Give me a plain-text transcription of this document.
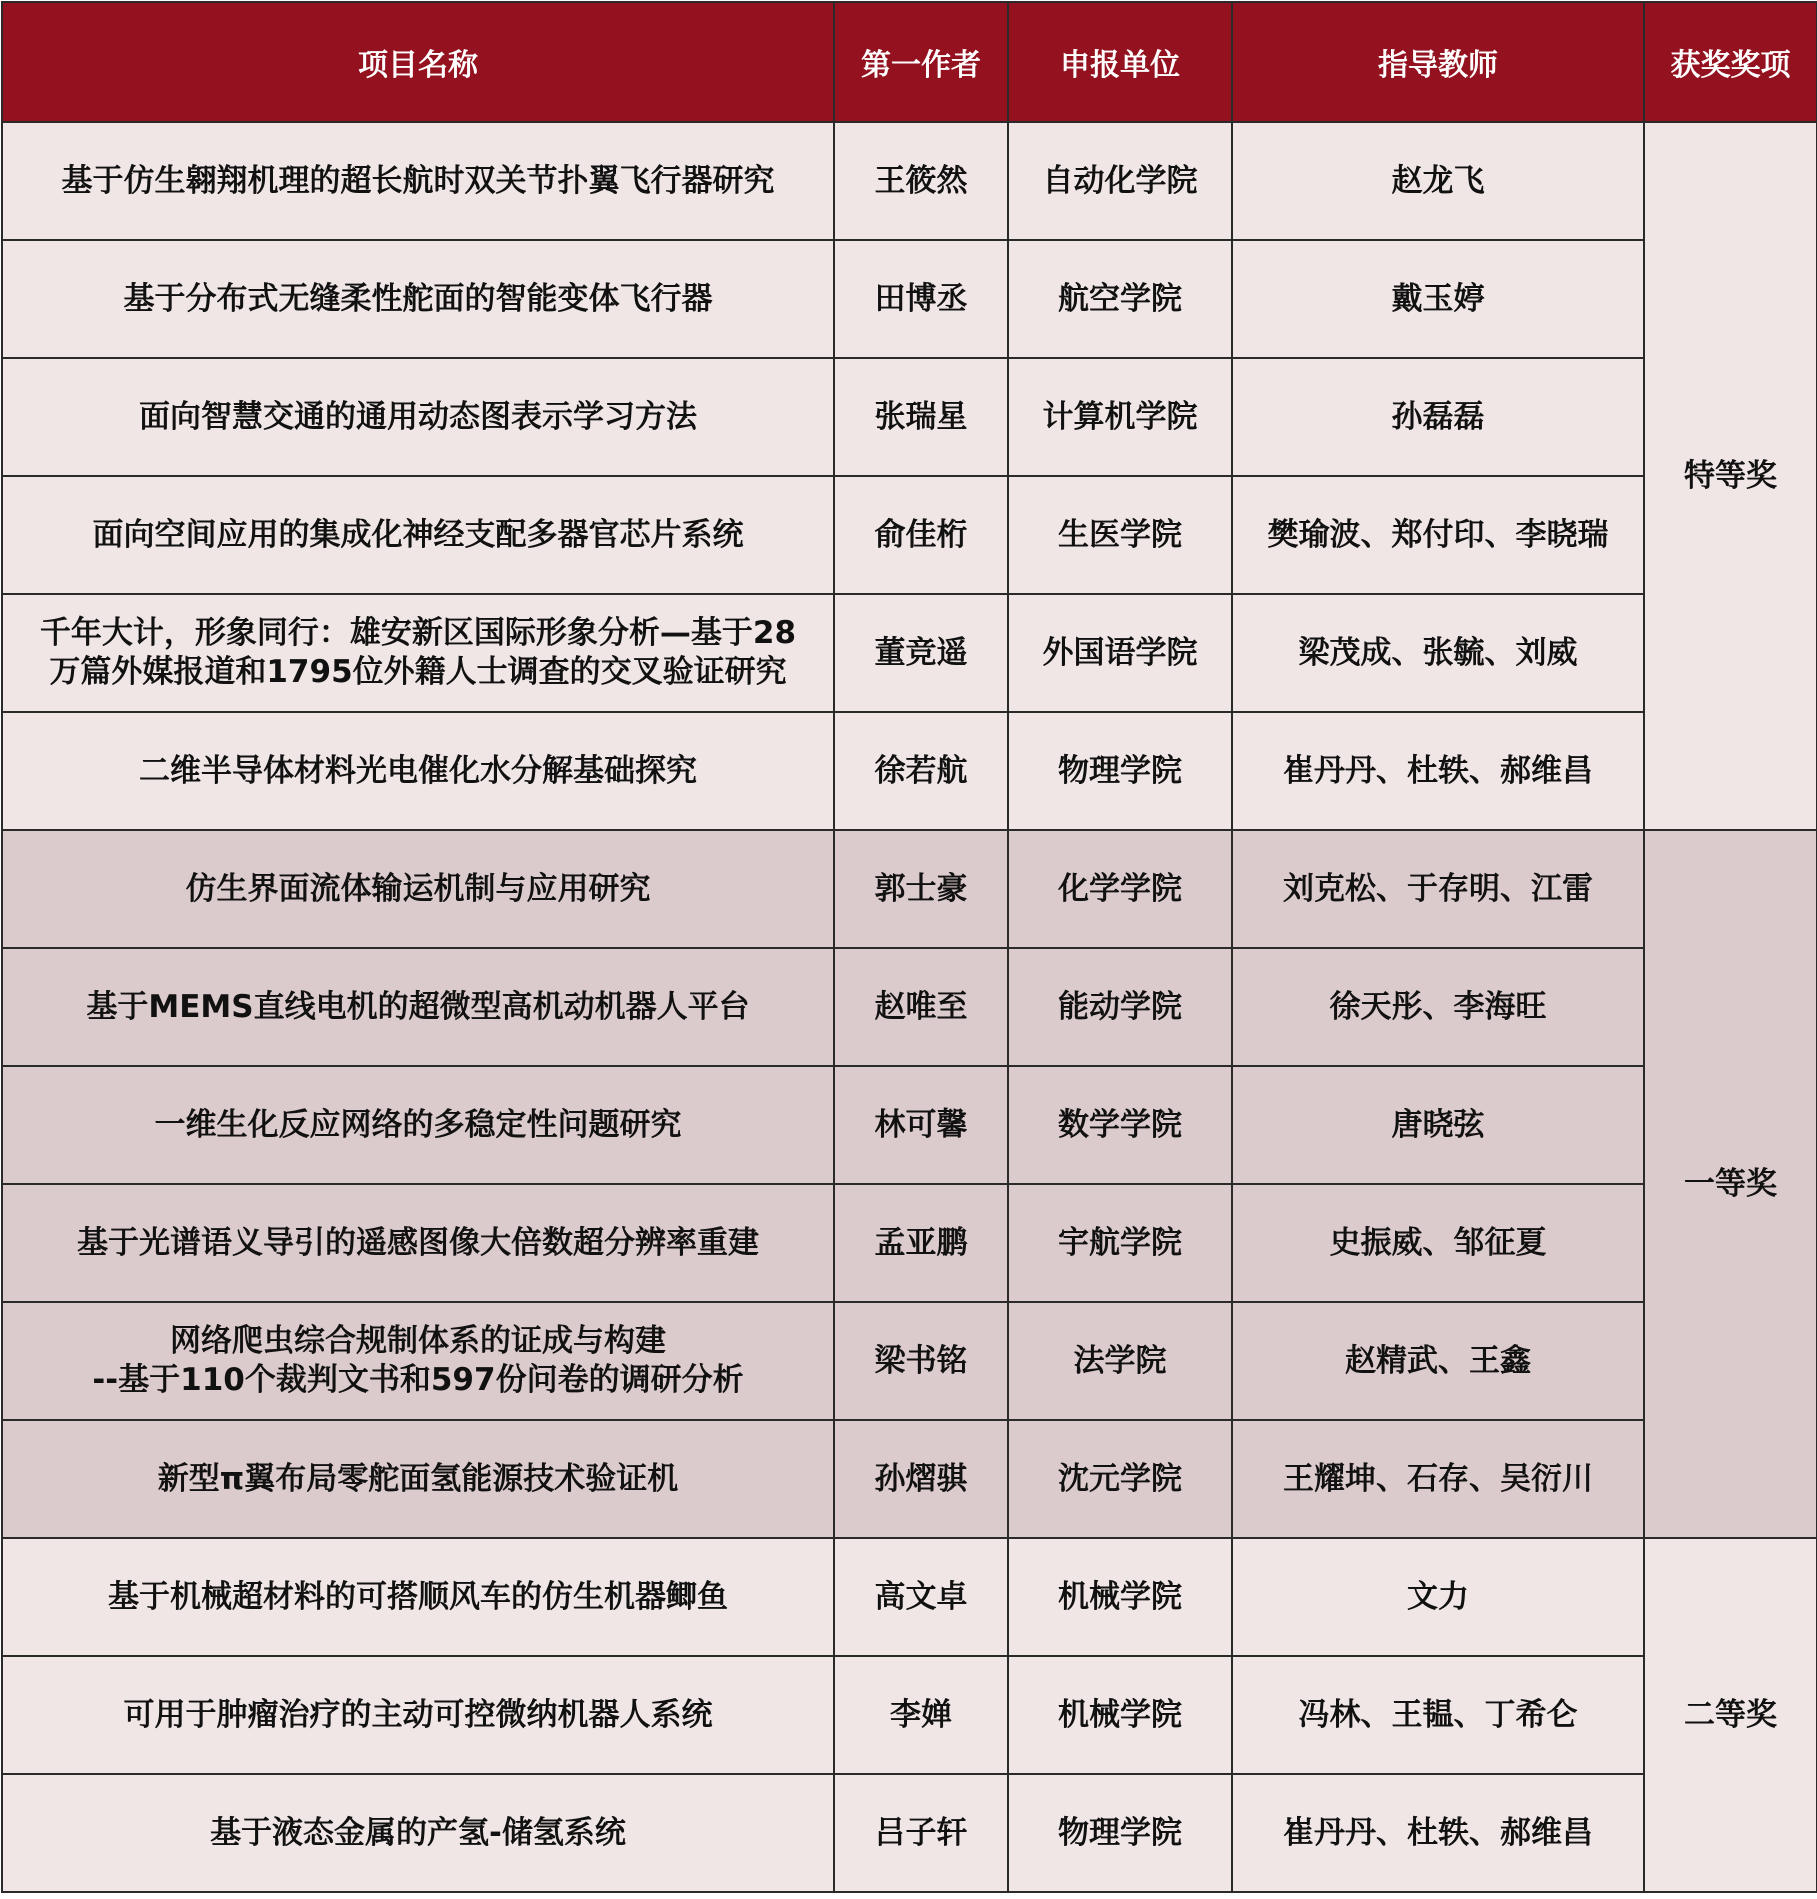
项目名称	第一作者	申报单位	指导教师	获奖奖项
基于仿生翱翔机理的超长航时双关节扑翼飞行器研究	王筱然	自动化学院	赵龙飞	特等奖
基于分布式无缝柔性舵面的智能变体飞行器	田博丞	航空学院	戴玉婷	
面向智慧交通的通用动态图表示学习方法	张瑞星	计算机学院	孙磊磊	
面向空间应用的集成化神经支配多器官芯片系统	俞佳桁	生医学院	樊瑜波、郑付印、李晓瑞	

千年大计，形象同行：雄安新区国际形象分析—基于28
万篇外媒报道和1795位外籍人士调查的交叉验证研究	董竞遥	外国语学院	梁茂成、张毓、刘威	
二维半导体材料光电催化水分解基础探究	徐若航	物理学院	崔丹丹、杜轶、郝维昌	
仿生界面流体输运机制与应用研究	郭士豪	化学学院	刘克松、于存明、江雷	一等奖
基于MEMS直线电机的超微型高机动机器人平台	赵唯至	能动学院	徐天彤、李海旺	
一维生化反应网络的多稳定性问题研究	林可馨	数学学院	唐晓弦	
基于光谱语义导引的遥感图像大倍数超分辨率重建	孟亚鹏	宇航学院	史振威、邹征夏	

网络爬虫综合规制体系的证成与构建
--基于110个裁判文书和597份问卷的调研分析	梁书铭	法学院	赵精武、王鑫	
新型π翼布局零舵面氢能源技术验证机	孙熠骐	沈元学院	王耀坤、石存、吴衍川	
基于机械超材料的可搭顺风车的仿生机器鲫鱼	高文卓	机械学院	文力	二等奖
可用于肿瘤治疗的主动可控微纳机器人系统	李婵	机械学院	冯林、王韫、丁希仑	
基于液态金属的产氢-储氢系统	吕子轩	物理学院	崔丹丹、杜轶、郝维昌	
